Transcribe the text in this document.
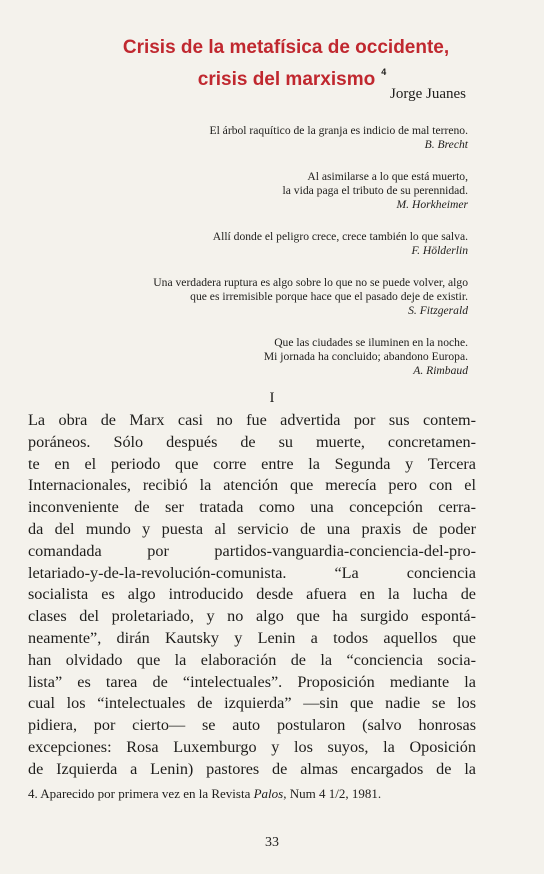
Crisis de la metafísica de occidente,
crisis del marxismo $^4$
Jorge Juanes
El árbol raquítico de la granja es indicio de mal terreno.
B. Brecht
Al asimilarse a lo que está muerto,
la vida paga el tributo de su perennidad.
M. Horkheimer
Allí donde el peligro crece, crece también lo que salva.
F. Hölderlin
Una verdadera ruptura es algo sobre lo que no se puede volver, algo
que es irremisible porque hace que el pasado deje de existir.
S. Fitzgerald
Que las ciudades se iluminen en la noche.
Mi jornada ha concluido; abandono Europa.
A. Rimbaud
I
La obra de Marx casi no fue advertida por sus contem-
poráneos. Sólo después de su muerte, concretamen-
te en el periodo que corre entre la Segunda y Tercera
Internacionales, recibió la atención que merecía pero con el
inconveniente de ser tratada como una concepción cerra-
da del mundo y puesta al servicio de una praxis de poder
comandada por partidos-vanguardia-conciencia-del-pro-
letariado-y-de-la-revolución-comunista. “La conciencia
socialista es algo introducido desde afuera en la lucha de
clases del proletariado, y no algo que ha surgido espontá-
neamente”, dirán Kautsky y Lenin a todos aquellos que
han olvidado que la elaboración de la “conciencia socia-
lista” es tarea de “intelectuales”. Proposición mediante la
cual los “intelectuales de izquierda” —sin que nadie se los
pidiera, por cierto— se auto postularon (salvo honrosas
excepciones: Rosa Luxemburgo y los suyos, la Oposición
de Izquierda a Lenin) pastores de almas encargados de la
4. Aparecido por primera vez en la Revista Palos, Num 4 1/2, 1981.
33
